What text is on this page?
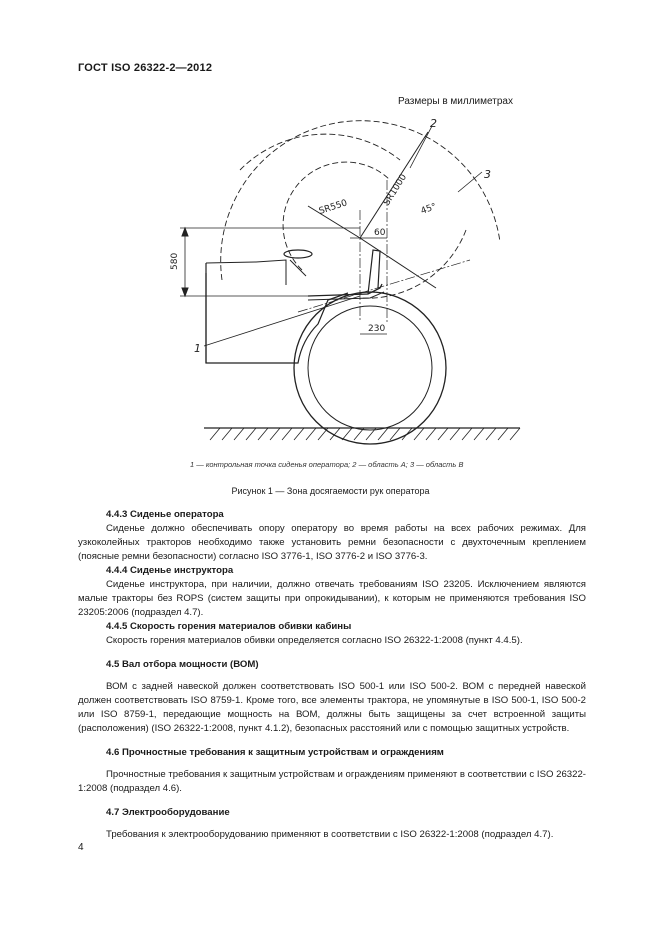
ГОСТ ISO 26322-2—2012
Размеры в миллиметрах
SR1000
SR550
60
230
580
45°
1
2
3
1 — контрольная точка сиденья оператора; 2 — область A; 3 — область B
Рисунок 1 — Зона досягаемости рук оператора

4.4.3 Сиденье оператора

Сиденье должно обеспечивать опору оператору во время работы на всех рабочих режимах. Для узкоколейных тракторов необходимо также установить ремни безопасности с двухточечным креплением (поясные ремни безопасности) согласно ISO 3776-1, ISO 3776-2 и ISO 3776-3.

4.4.4 Сиденье инструктора

Сиденье инструктора, при наличии, должно отвечать требованиям ISO 23205. Исключением являются малые тракторы без ROPS (систем защиты при опрокидывании), к которым не применяются требования ISO 23205:2006 (подраздел 4.7).

4.4.5 Скорость горения материалов обивки кабины

Скорость горения материалов обивки определяется согласно ISO 26322-1:2008 (пункт 4.4.5).

4.5 Вал отбора мощности (ВОМ)

ВОМ с задней навеской должен соответствовать ISO 500-1 или ISO 500-2. ВОМ с передней навеской должен соответствовать ISO 8759-1. Кроме того, все элементы трактора, не упомянутые в ISO 500-1, ISO 500-2 или ISO 8759-1, передающие мощность на ВОМ, должны быть защищены за счет встроенной защиты (расположения) (ISO 26322-1:2008, пункт 4.1.2), безопасных расстояний или с помощью защитных устройств.

4.6 Прочностные требования к защитным устройствам и ограждениям

Прочностные требования к защитным устройствам и ограждениям применяют в соответствии с ISO 26322-1:2008 (подраздел 4.6).

4.7 Электрооборудование

Требования к электрооборудованию применяют в соответствии с ISO 26322-1:2008 (подраздел 4.7).

4
